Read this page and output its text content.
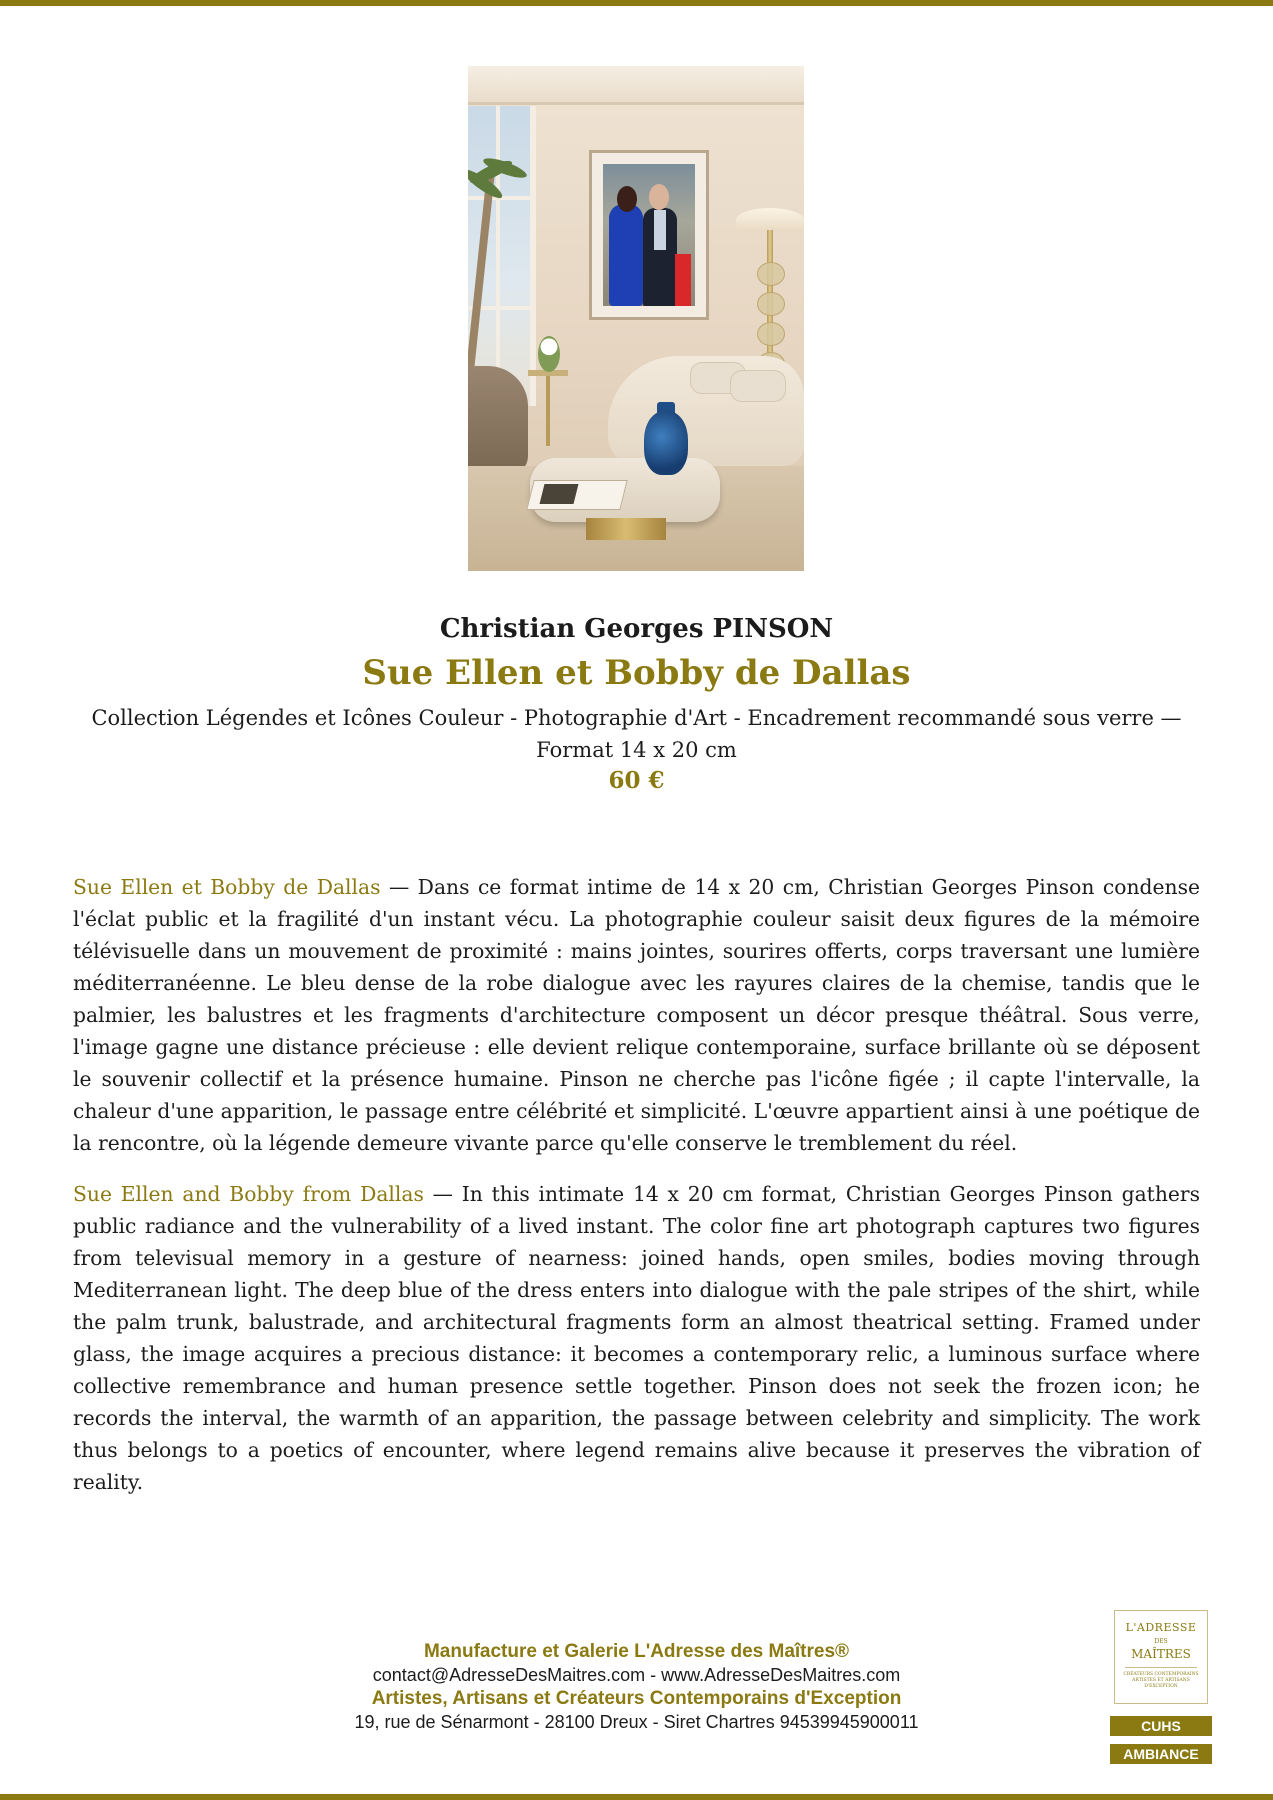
Christian Georges PINSON
Sue Ellen et Bobby de Dallas
Collection Légendes et Icônes Couleur - Photographie d'Art - Encadrement recommandé sous verre — Format 14 x 20 cm
60 €

Sue Ellen et Bobby de Dallas — Dans ce format intime de 14 x 20 cm, Christian Georges Pinson condense l'éclat public et la fragilité d'un instant vécu. La photographie couleur saisit deux figures de la mémoire télévisuelle dans un mouvement de proximité : mains jointes, sourires offerts, corps traversant une lumière méditerranéenne. Le bleu dense de la robe dialogue avec les rayures claires de la chemise, tandis que le palmier, les balustres et les fragments d'architecture composent un décor presque théâtral. Sous verre, l'image gagne une distance précieuse : elle devient relique contemporaine, surface brillante où se déposent le souvenir collectif et la présence humaine. Pinson ne cherche pas l'icône figée ; il capte l'intervalle, la chaleur d'une apparition, le passage entre célébrité et simplicité. L'œuvre appartient ainsi à une poétique de la rencontre, où la légende demeure vivante parce qu'elle conserve le tremblement du réel.

Sue Ellen and Bobby from Dallas — In this intimate 14 x 20 cm format, Christian Georges Pinson gathers public radiance and the vulnerability of a lived instant. The color fine art photograph captures two figures from televisual memory in a gesture of nearness: joined hands, open smiles, bodies moving through Mediterranean light. The deep blue of the dress enters into dialogue with the pale stripes of the shirt, while the palm trunk, balustrade, and architectural fragments form an almost theatrical setting. Framed under glass, the image acquires a precious distance: it becomes a contemporary relic, a luminous surface where collective remembrance and human presence settle together. Pinson does not seek the frozen icon; he records the interval, the warmth of an apparition, the passage between celebrity and simplicity. The work thus belongs to a poetics of encounter, where legend remains alive because it preserves the vibration of reality.

Manufacture et Galerie L'Adresse des Maîtres®
contact@AdresseDesMaitres.com - www.AdresseDesMaitres.com
Artistes, Artisans et Créateurs Contemporains d'Exception
19, rue de Sénarmont - 28100 Dreux - Siret Chartres 94539945900011
L'ADRESSE
DES
MAÎTRES
CRÉATEURS CONTEMPORAINS ARTISTES ET ARTISANS D'EXCEPTION
CUHS
AMBIANCE
